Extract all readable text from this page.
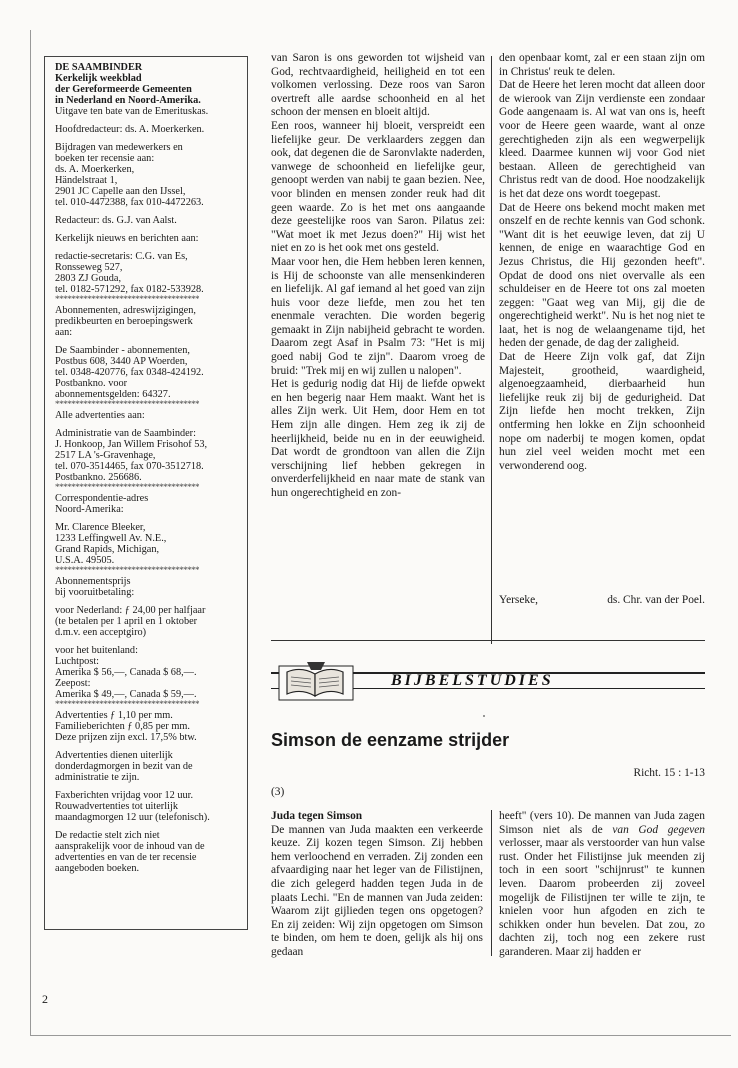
DE SAAMBINDER
Kerkelijk weekblad
der Gereformeerde Gemeenten
in Nederland en Noord-Amerika.
Uitgave ten bate van de Emerituskas.

Hoofdredacteur: ds. A. Moerkerken.

Bijdragen van medewerkers en
boeken ter recensie aan:
ds. A. Moerkerken,
Händelstraat 1,
2901 JC Capelle aan den IJssel,
tel. 010-4472388, fax 010-4472263.

Redacteur: ds. G.J. van Aalst.

Kerkelijk nieuws en berichten aan:

redactie-secretaris: C.G. van Es,
Ronsseweg 527,
2803 ZJ Gouda,
tel. 0182-571292, fax 0182-533928.

************************************

Abonnementen, adreswijzigingen,
predikbeurten en beroepingswerk
aan:

De Saambinder - abonnementen,
Postbus 608, 3440 AP Woerden,
tel. 0348-420776, fax 0348-424192.
Postbankno. voor
abonnementsgelden: 64327.

************************************

Alle advertenties aan:

Administratie van de Saambinder:
J. Honkoop, Jan Willem Frisohof 53,
2517 LA 's-Gravenhage,
tel. 070-3514465, fax 070-3512718.
Postbankno. 256686.

************************************

Correspondentie-adres
Noord-Amerika:

Mr. Clarence Bleeker,
1233 Leffingwell Av. N.E.,
Grand Rapids, Michigan,
U.S.A. 49505.

************************************

Abonnementsprijs
bij vooruitbetaling:

voor Nederland: ƒ 24,00 per halfjaar
(te betalen per 1 april en 1 oktober
d.m.v. een acceptgiro)

voor het buitenland:
Luchtpost:
Amerika $ 56,—, Canada $ 68,—.
Zeepost:
Amerika $ 49,—, Canada $ 59,—.

************************************

Advertenties ƒ 1,10 per mm.
Familieberichten ƒ 0,85 per mm.
Deze prijzen zijn excl. 17,5% btw.

Advertenties dienen uiterlijk
donderdagmorgen in bezit van de
administratie te zijn.

Faxberichten vrijdag voor 12 uur.
Rouwadvertenties tot uiterlijk
maandagmorgen 12 uur (telefonisch).

De redactie stelt zich niet
aansprakelijk voor de inhoud van de
advertenties en van de ter recensie
aangeboden boeken.

van Saron is ons geworden tot wijsheid van God, rechtvaardigheid, heiligheid en tot een volkomen verlossing. Deze roos van Saron overtreft alle aardse schoonheid en al het schoon der mensen en bloeit altijd.

Een roos, wanneer hij bloeit, verspreidt een liefelijke geur. De verklaarders zeggen dan ook, dat degenen die de Saronvlakte naderden, vanwege de schoonheid en liefelijke geur, genoopt werden van nabij te gaan bezien. Nee, voor blinden en mensen zonder reuk had dit geen waarde. Zo is het met ons aangaande deze geestelijke roos van Saron. Pilatus zei: "Wat moet ik met Jezus doen?" Hij wist het niet en zo is het ook met ons gesteld.

Maar voor hen, die Hem hebben leren kennen, is Hij de schoonste van alle mensenkinderen en liefelijk. Al gaf iemand al het goed van zijn huis voor deze liefde, men zou het ten enenmale verachten. Die worden begerig gemaakt in Zijn nabijheid gebracht te worden. Daarom zegt Asaf in Psalm 73: "Het is mij goed nabij God te zijn". Daarom vroeg de bruid: "Trek mij en wij zullen u nalopen".

Het is gedurig nodig dat Hij de liefde opwekt en hen begerig naar Hem maakt. Want het is alles Zijn werk. Uit Hem, door Hem en tot Hem zijn alle dingen. Hem zeg ik zij de heerlijkheid, beide nu en in der eeuwigheid. Dat wordt de grondtoon van allen die Zijn verschijning lief hebben gekregen in onverderfelijkheid en naar mate de stank van hun ongerechtigheid en zon-

den openbaar komt, zal er een staan zijn om in Christus' reuk te delen.

Dat de Heere het leren mocht dat alleen door de wierook van Zijn verdienste een zondaar Gode aangenaam is. Al wat van ons is, heeft voor de Heere geen waarde, want al onze gerechtigheden zijn als een wegwerpelijk kleed. Daarmee kunnen wij voor God niet bestaan. Alleen de gerechtigheid van Christus redt van de dood. Hoe noodzakelijk is het dat deze ons wordt toegepast.

Dat de Heere ons bekend mocht maken met onszelf en de rechte kennis van God schonk. "Want dit is het eeuwige leven, dat zij U kennen, de enige en waarachtige God en Jezus Christus, die Hij gezonden heeft". Opdat de dood ons niet overvalle als een schuldeiser en de Heere tot ons zal moeten zeggen: "Gaat weg van Mij, gij die de ongerechtigheid werkt". Nu is het nog niet te laat, het is nog de welaangename tijd, het heden der genade, de dag der zaligheid.

Dat de Heere Zijn volk gaf, dat Zijn Majesteit, grootheid, waardigheid, algenoegzaamheid, dierbaarheid hun liefelijke reuk zij bij de gedurigheid. Dat Zijn liefde hen mocht trekken, Zijn ontferming hen lokke en Zijn schoonheid nope om naderbij te mogen komen, opdat hun ziel veel weiden mocht met een verwonderend oog.

Yerseke,	ds. Chr. van der Poel.
BIJBELSTUDIES
Simson de eenzame strijder
Richt. 15 : 1-13
(3)
Juda tegen Simson

De mannen van Juda maakten een verkeerde keuze. Zij kozen tegen Simson. Zij hebben hem verloochend en verraden. Zij zonden een afvaardiging naar het leger van de Filistijnen, die zich gelegerd hadden tegen Juda in de plaats Lechi. "En de mannen van Juda zeiden: Waarom zijt gijlieden tegen ons opgetogen? En zij zeiden: Wij zijn opgetogen om Simson te binden, om hem te doen, gelijk als hij ons gedaan

heeft" (vers 10). De mannen van Juda zagen Simson niet als de van God gegeven verlosser, maar als verstoorder van hun valse rust. Onder het Filistijnse juk meenden zij toch in een soort "schijnrust" te kunnen leven. Daarom probeerden zij zoveel mogelijk de Filistijnen ter wille te zijn, te knielen voor hun afgoden en zich te schikken onder hun bevelen. Dat zou, zo dachten zij, toch nog een zekere rust garanderen. Maar zij hadden er

2
